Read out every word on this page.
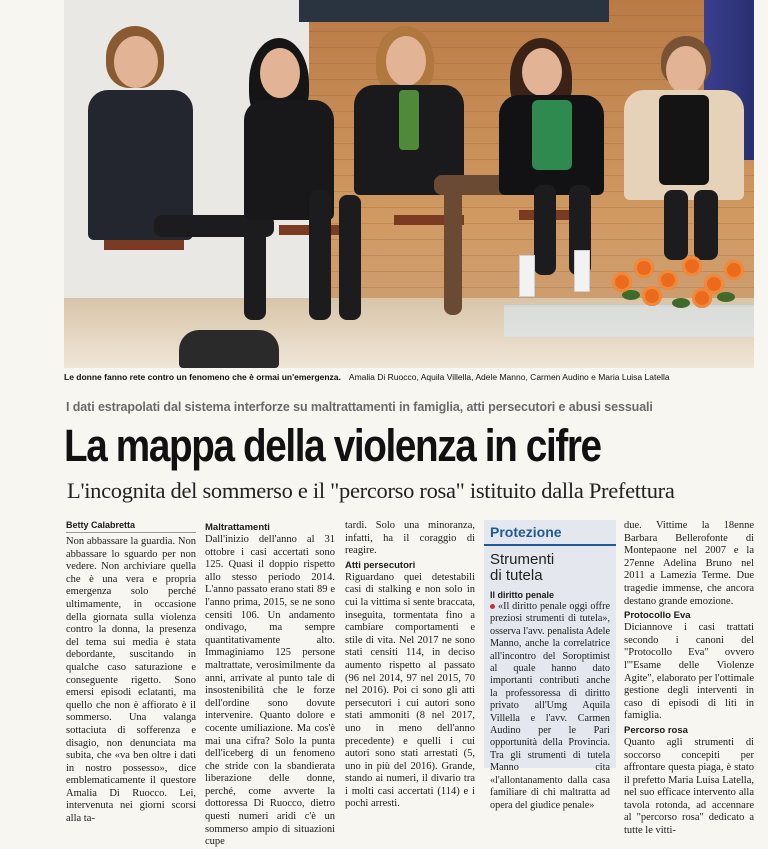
Le donne fanno rete contro un fenomeno che è ormai un'emergenza. Amalia Di Ruocco, Aquila Villella, Adele Manno, Carmen Audino e Maria Luisa Latella
I dati estrapolati dal sistema interforze su maltrattamenti in famiglia, atti persecutori e abusi sessuali
La mappa della violenza in cifre
L'incognita del sommerso e il "percorso rosa" istituito dalla Prefettura
Betty Calabretta

Non abbassare la guardia. Non abbassare lo sguardo per non vedere. Non archiviare quella che è una vera e propria emergenza solo perché ultimamente, in occasione della giornata sulla violenza contro la donna, la presenza del tema sui media è stata debordante, suscitando in qualche caso saturazione e conseguente rigetto. Sono emersi episodi eclatanti, ma quello che non è affiorato è il sommerso. Una valanga sottaciuta di sofferenza e disagio, non denunciata ma subita, che «va ben oltre i dati in nostro possesso», dice emblematicamente il questore Amalia Di Ruocco. Lei, intervenuta nei giorni scorsi alla ta-

Maltrattamenti

Dall'inizio dell'anno al 31 ottobre i casi accertati sono 125. Quasi il doppio rispetto allo stesso periodo 2014. L'anno passato erano stati 89 e l'anno prima, 2015, se ne sono censiti 106. Un andamento ondivago, ma sempre quantitativamente alto. Immaginiamo 125 persone maltrattate, verosimilmente da anni, arrivate al punto tale di insostenibilità che le forze dell'ordine sono dovute intervenire. Quanto dolore e cocente umiliazione. Ma cos'è mai una cifra? Solo la punta dell'iceberg di un fenomeno che stride con la sbandierata liberazione delle donne, perché, come avverte la dottoressa Di Ruocco, dietro questi numeri aridi c'è un sommerso ampio di situazioni cupe

tardi. Solo una minoranza, infatti, ha il coraggio di reagire.

Atti persecutori

Riguardano quei detestabili casi di stalking e non solo in cui la vittima si sente braccata, inseguita, tormentata fino a cambiare comportamenti e stile di vita. Nel 2017 ne sono stati censiti 114, in deciso aumento rispetto al passato (96 nel 2014, 97 nel 2015, 70 nel 2016). Poi ci sono gli atti persecutori i cui autori sono stati ammoniti (8 nel 2017, uno in meno dell'anno precedente) e quelli i cui autori sono stati arrestati (5, uno in più del 2016). Grande, stando ai numeri, il divario tra i molti casi accertati (114) e i pochi arresti.

Protezione
Strumenti
di tutela
Il diritto penale
«Il diritto penale oggi offre preziosi strumenti di tutela», osserva l'avv. penalista Adele Manno, anche la correlatrice all'incontro del Soroptimist al quale hanno dato importanti contributi anche la professoressa di diritto privato all'Umg Aquila Villella e l'avv. Carmen Audino per le Pari opportunità della Provincia. Tra gli strumenti di tutela Manno cita «l'allontanamento dalla casa familiare di chi maltratta ad opera del giudice penale»

due. Vittime la 18enne Barbara Bellerofonte di Montepaone nel 2007 e la 27enne Adelina Bruno nel 2011 a Lamezia Terme. Due tragedie immense, che ancora destano grande emozione.

Protocollo Eva

Diciannove i casi trattati secondo i canoni del "Protocollo Eva" ovvero l'"Esame delle Violenze Agite", elaborato per l'ottimale gestione degli interventi in caso di episodi di liti in famiglia.

Percorso rosa

Quanto agli strumenti di soccorso concepiti per affrontare questa piaga, è stato il prefetto Maria Luisa Latella, nel suo efficace intervento alla tavola rotonda, ad accennare al "percorso rosa" dedicato a tutte le vitti-
